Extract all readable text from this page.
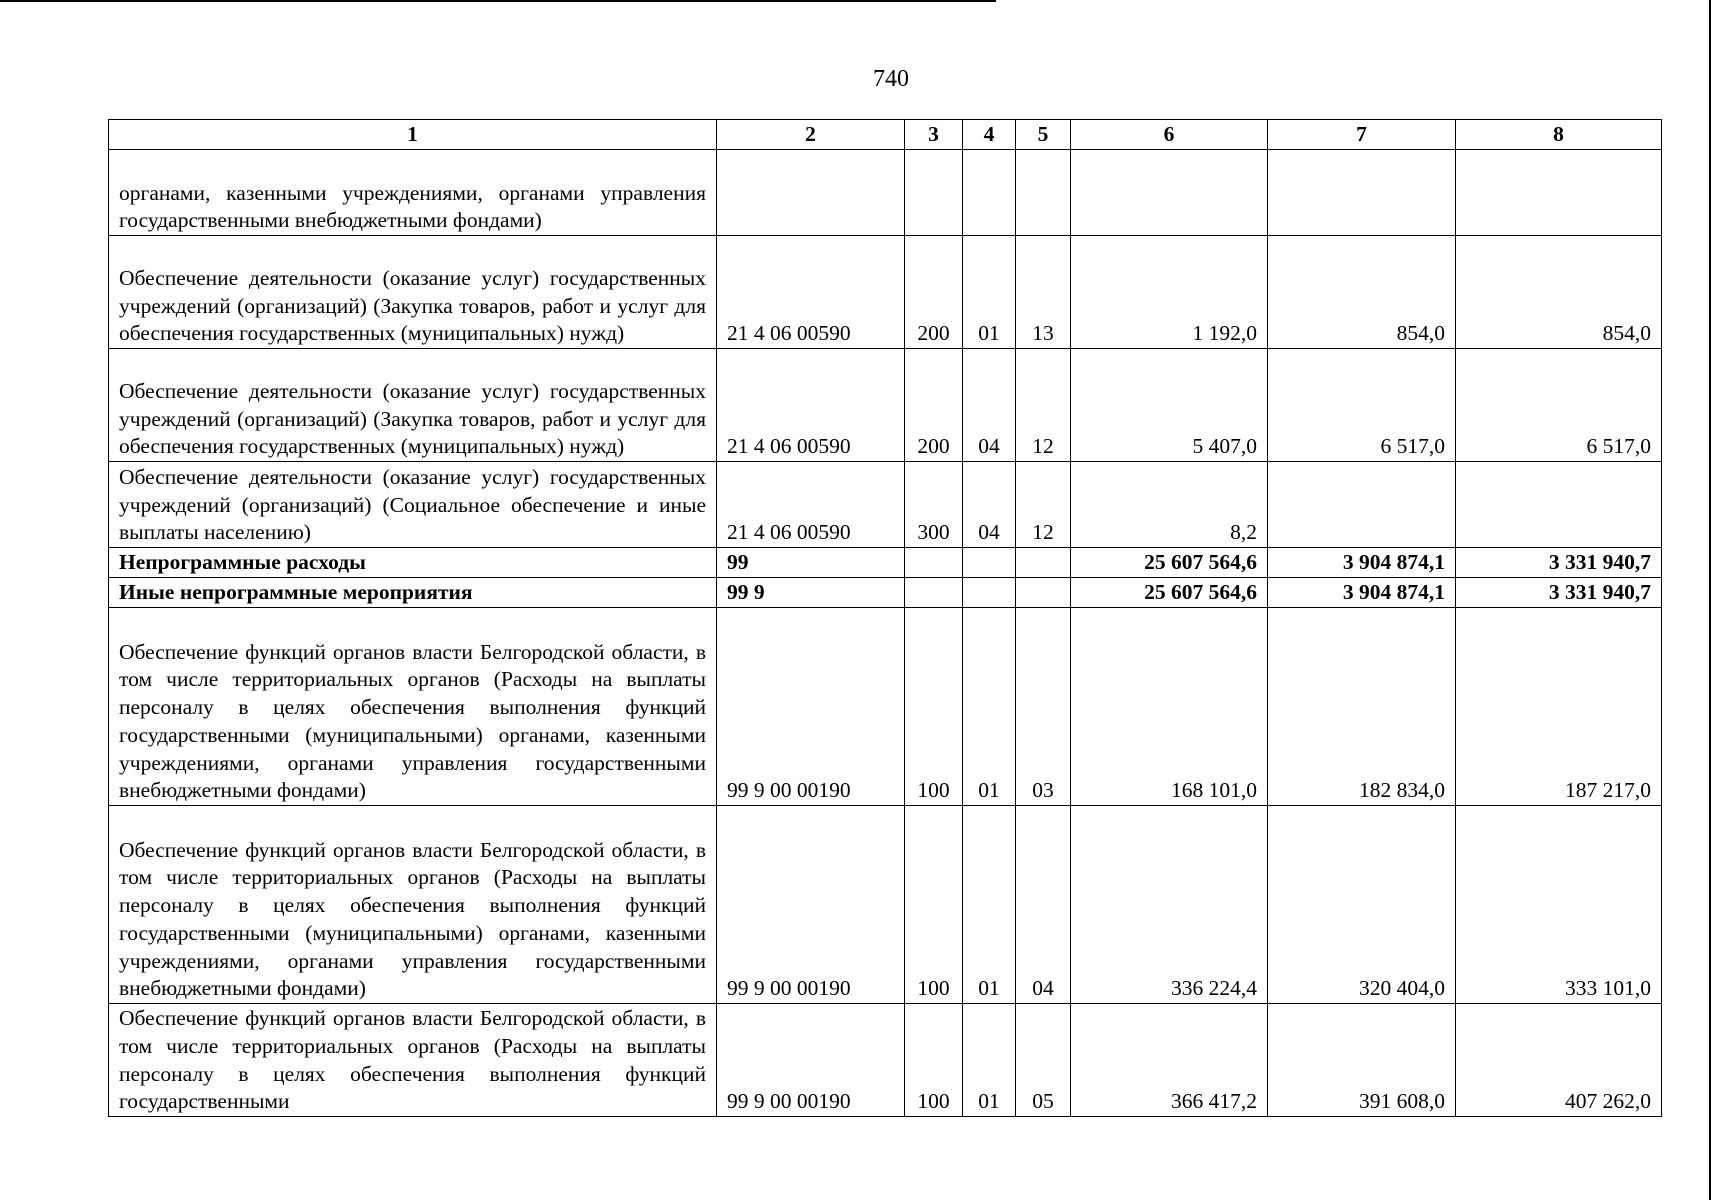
740
1	2	3	4	5	6	7	8
органами, казенными учреждениями, органами управления государственными внебюджетными фондами)							
Обеспечение деятельности (оказание услуг) государственных учреждений (организаций) (Закупка товаров, работ и услуг для обеспечения государственных (муниципальных) нужд)	21 4 06 00590	200	01	13	1 192,0	854,0	854,0
Обеспечение деятельности (оказание услуг) государственных учреждений (организаций) (Закупка товаров, работ и услуг для обеспечения государственных (муниципальных) нужд)	21 4 06 00590	200	04	12	5 407,0	6 517,0	6 517,0
Обеспечение деятельности (оказание услуг) государственных учреждений (организаций) (Социальное обеспечение и иные выплаты населению)	21 4 06 00590	300	04	12	8,2		
Непрограммные расходы	99				25 607 564,6	3 904 874,1	3 331 940,7
Иные непрограммные мероприятия	99 9				25 607 564,6	3 904 874,1	3 331 940,7
Обеспечение функций органов власти Белгородской области, в том числе территориальных органов (Расходы на выплаты персоналу в целях обеспечения выполнения функций государственными (муниципальными) органами, казенными учреждениями, органами управления государственными внебюджетными фондами)	99 9 00 00190	100	01	03	168 101,0	182 834,0	187 217,0
Обеспечение функций органов власти Белгородской области, в том числе территориальных органов (Расходы на выплаты персоналу в целях обеспечения выполнения функций государственными (муниципальными) органами, казенными учреждениями, органами управления государственными внебюджетными фондами)	99 9 00 00190	100	01	04	336 224,4	320 404,0	333 101,0
Обеспечение функций органов власти Белгородской области, в том числе территориальных органов (Расходы на выплаты персоналу в целях обеспечения выполнения функций государственными	99 9 00 00190	100	01	05	366 417,2	391 608,0	407 262,0
